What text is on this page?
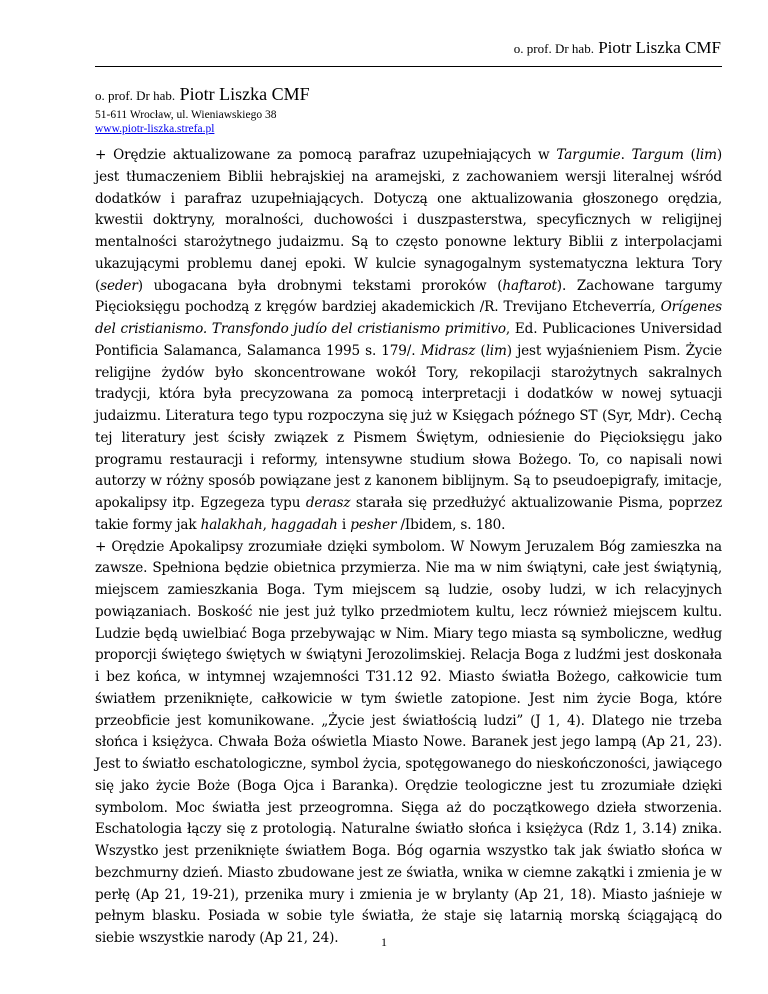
o. prof. Dr hab. Piotr Liszka CMF
o. prof. Dr hab. Piotr Liszka CMF
51-611 Wrocław, ul. Wieniawskiego 38
www.piotr-liszka.strefa.pl

+ Orędzie aktualizowane za pomocą parafraz uzupełniających w Targumie. Targum (lim) jest tłumaczeniem Biblii hebrajskiej na aramejski, z zachowaniem wersji literalnej wśród dodatków i parafraz uzupełniających. Dotyczą one aktualizowania głoszonego orędzia, kwestii doktryny, moralności, duchowości i duszpasterstwa, specyficznych w religijnej mentalności starożytnego judaizmu. Są to często ponowne lektury Biblii z interpolacjami ukazującymi problemu danej epoki. W kulcie synagogalnym systematyczna lektura Tory (seder) ubogacana była drobnymi tekstami proroków (haftarot). Zachowane targumy Pięcioksięgu pochodzą z kręgów bardziej akademickich /R. Trevijano Etcheverría, Orígenes del cristianismo. Transfondo judío del cristianismo primitivo, Ed. Publicaciones Universidad Pontificia Salamanca, Salamanca 1995 s. 179/. Midrasz (lim) jest wyjaśnieniem Pism. Życie religijne żydów było skoncentrowane wokół Tory, rekopilacji starożytnych sakralnych tradycji, która była precyzowana za pomocą interpretacji i dodatków w nowej sytuacji judaizmu. Literatura tego typu rozpoczyna się już w Księgach późnego ST (Syr, Mdr). Cechą tej literatury jest ścisły związek z Pismem Świętym, odniesienie do Pięcioksięgu jako programu restauracji i reformy, intensywne studium słowa Bożego. To, co napisali nowi autorzy w różny sposób powiązane jest z kanonem biblijnym. Są to pseudoepigrafy, imitacje, apokalipsy itp. Egzegeza typu derasz starała się przedłużyć aktualizowanie Pisma, poprzez takie formy jak halakhah, haggadah i pesher /Ibidem, s. 180.

+ Orędzie Apokalipsy zrozumiałe dzięki symbolom. W Nowym Jeruzalem Bóg zamieszka na zawsze. Spełniona będzie obietnica przymierza. Nie ma w nim świątyni, całe jest świątynią, miejscem zamieszkania Boga. Tym miejscem są ludzie, osoby ludzi, w ich relacyjnych powiązaniach. Boskość nie jest już tylko przedmiotem kultu, lecz również miejscem kultu. Ludzie będą uwielbiać Boga przebywając w Nim. Miary tego miasta są symboliczne, według proporcji świętego świętych w świątyni Jerozolimskiej. Relacja Boga z ludźmi jest doskonała i bez końca, w intymnej wzajemności T31.12 92. Miasto światła Bożego, całkowicie tum światłem przeniknięte, całkowicie w tym świetle zatopione. Jest nim życie Boga, które przeobficie jest komunikowane. „Życie jest światłością ludzi” (J 1, 4). Dlatego nie trzeba słońca i księżyca. Chwała Boża oświetla Miasto Nowe. Baranek jest jego lampą (Ap 21, 23). Jest to światło eschatologiczne, symbol życia, spotęgowanego do nieskończoności, jawiącego się jako życie Boże (Boga Ojca i Baranka). Orędzie teologiczne jest tu zrozumiałe dzięki symbolom. Moc światła jest przeogromna. Sięga aż do początkowego dzieła stworzenia. Eschatologia łączy się z protologią. Naturalne światło słońca i księżyca (Rdz 1, 3.14) znika. Wszystko jest przeniknięte światłem Boga. Bóg ogarnia wszystko tak jak światło słońca w bezchmurny dzień. Miasto zbudowane jest ze światła, wnika w ciemne zakątki i zmienia je w perłę (Ap 21, 19-21), przenika mury i zmienia je w brylanty (Ap 21, 18). Miasto jaśnieje w pełnym blasku. Posiada w sobie tyle światła, że staje się latarnią morską ściągającą do siebie wszystkie narody (Ap 21, 24).	1
